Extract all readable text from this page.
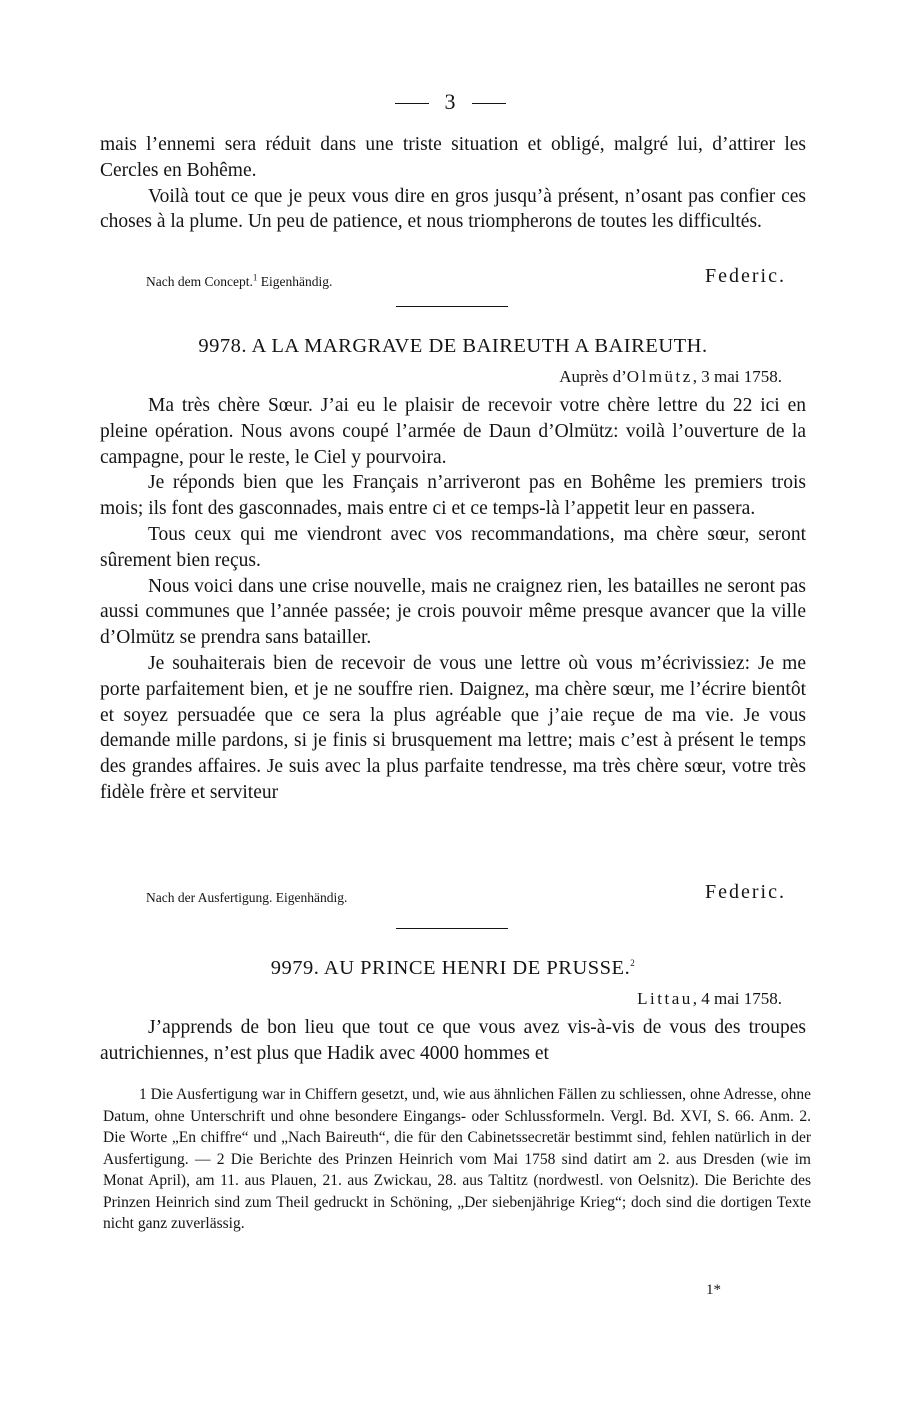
3

mais l’ennemi sera réduit dans une triste situation et obligé, malgré lui, d’attirer les Cercles en Bohême.

Voilà tout ce que je peux vous dire en gros jusqu’à présent, n’osant pas confier ces choses à la plume. Un peu de patience, et nous triompherons de toutes les difficultés.

Nach dem Concept.$^1$ Eigenhändig.	Federic.
9978. A LA MARGRAVE DE BAIREUTH A BAIREUTH.
Auprès d’Olmütz, 3 mai 1758.

Ma très chère Sœur. J’ai eu le plaisir de recevoir votre chère lettre du 22 ici en pleine opération. Nous avons coupé l’armée de Daun d’Olmütz: voilà l’ouverture de la campagne, pour le reste, le Ciel y pourvoira.

Je réponds bien que les Français n’arriveront pas en Bohême les premiers trois mois; ils font des gasconnades, mais entre ci et ce temps-là l’appetit leur en passera.

Tous ceux qui me viendront avec vos recommandations, ma chère sœur, seront sûrement bien reçus.

Nous voici dans une crise nouvelle, mais ne craignez rien, les batailles ne seront pas aussi communes que l’année passée; je crois pouvoir même presque avancer que la ville d’Olmütz se prendra sans batailler.

Je souhaiterais bien de recevoir de vous une lettre où vous m’écrivissiez: Je me porte parfaitement bien, et je ne souffre rien. Daignez, ma chère sœur, me l’écrire bientôt et soyez persuadée que ce sera la plus agréable que j’aie reçue de ma vie. Je vous demande mille pardons, si je finis si brusquement ma lettre; mais c’est à présent le temps des grandes affaires. Je suis avec la plus parfaite tendresse, ma très chère sœur, votre très fidèle frère et serviteur

Nach der Ausfertigung. Eigenhändig.	Federic.
9979. AU PRINCE HENRI DE PRUSSE.$^2$
Littau, 4 mai 1758.

J’apprends de bon lieu que tout ce que vous avez vis-à-vis de vous des troupes autrichiennes, n’est plus que Hadik avec 4000 hommes et

1 Die Ausfertigung war in Chiffern gesetzt, und, wie aus ähnlichen Fällen zu schliessen, ohne Adresse, ohne Datum, ohne Unterschrift und ohne besondere Eingangs- oder Schlussformeln. Vergl. Bd. XVI, S. 66. Anm. 2. Die Worte „En chiffre“ und „Nach Baireuth“, die für den Cabinetssecretär bestimmt sind, fehlen natürlich in der Ausfertigung. — 2 Die Berichte des Prinzen Heinrich vom Mai 1758 sind datirt am 2. aus Dresden (wie im Monat April), am 11. aus Plauen, 21. aus Zwickau, 28. aus Taltitz (nordwestl. von Oelsnitz). Die Berichte des Prinzen Heinrich sind zum Theil gedruckt in Schöning, „Der siebenjährige Krieg“; doch sind die dortigen Texte nicht ganz zuverlässig.

1*
